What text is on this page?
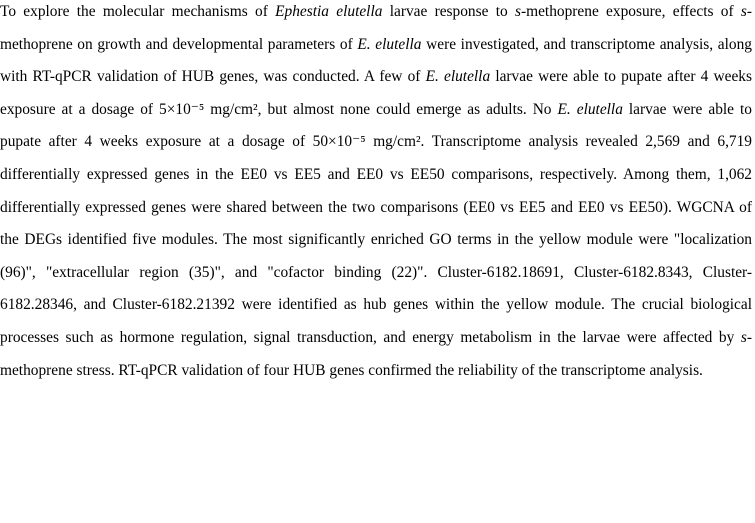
To explore the molecular mechanisms of Ephestia elutella larvae response to s-methoprene exposure, effects of s-methoprene on growth and developmental parameters of E. elutella were investigated, and transcriptome analysis, along with RT-qPCR validation of HUB genes, was conducted. A few of E. elutella larvae were able to pupate after 4 weeks exposure at a dosage of 5×10⁻⁵ mg/cm², but almost none could emerge as adults. No E. elutella larvae were able to pupate after 4 weeks exposure at a dosage of 50×10⁻⁵ mg/cm². Transcriptome analysis revealed 2,569 and 6,719 differentially expressed genes in the EE0 vs EE5 and EE0 vs EE50 comparisons, respectively. Among them, 1,062 differentially expressed genes were shared between the two comparisons (EE0 vs EE5 and EE0 vs EE50). WGCNA of the DEGs identified five modules. The most significantly enriched GO terms in the yellow module were "localization (96)", "extracellular region (35)", and "cofactor binding (22)". Cluster-6182.18691, Cluster-6182.8343, Cluster-6182.28346, and Cluster-6182.21392 were identified as hub genes within the yellow module. The crucial biological processes such as hormone regulation, signal transduction, and energy metabolism in the larvae were affected by s-methoprene stress. RT-qPCR validation of four HUB genes confirmed the reliability of the transcriptome analysis.
